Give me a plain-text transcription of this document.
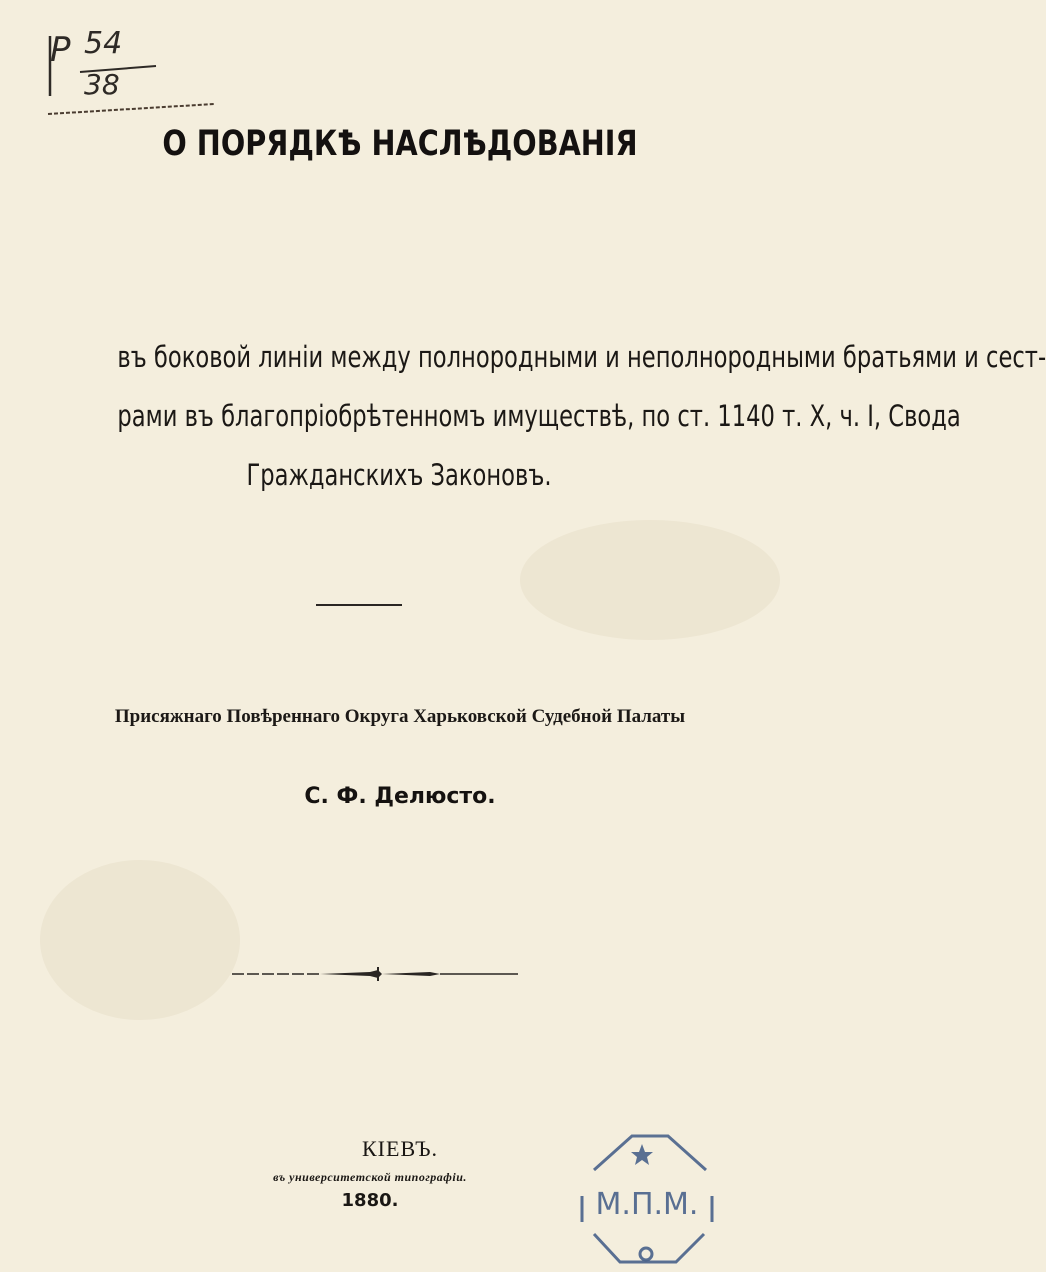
P 54
38
О ПОРЯДКѢ НАСЛѢДОВАНІЯ
въ боковой линіи между полнородными и неполнородными братьями и сест-
рами въ благопріобрѣтенномъ имуществѣ, по ст. 1140 т. X, ч. I, Свода
Гражданскихъ Законовъ.
Присяжнаго Повѣреннаго Округа Харьковской Судебной Палаты
С. Ф. Делюсто.
КІЕВЪ.
въ университетской типографіи.
1880.	М.П.М.
